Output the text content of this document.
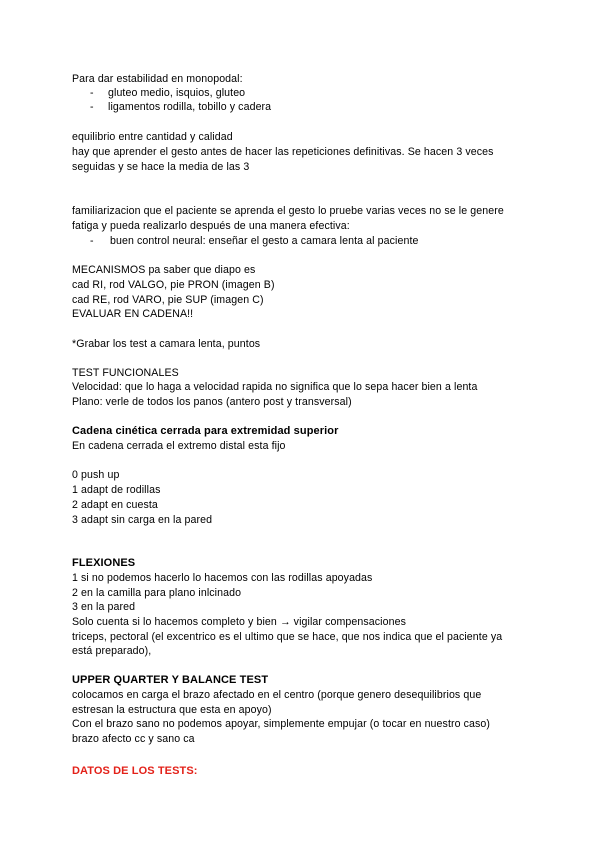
Para dar estabilidad en monopodal:
- gluteo medio, isquios, gluteo
- ligamentos rodilla, tobillo y cadera
equilibrio entre cantidad y calidad
hay que aprender el gesto antes de hacer las repeticiones definitivas. Se hacen 3 veces
seguidas y se hace la media de las 3
familiarizacion que el paciente se aprenda el gesto lo pruebe varias veces no se le genere
fatiga y pueda realizarlo después de una manera efectiva:
- buen control neural: enseñar el gesto a camara lenta al paciente
MECANISMOS pa saber que diapo es
cad RI, rod VALGO, pie PRON (imagen B)
cad RE, rod VARO, pie SUP (imagen C)
EVALUAR EN CADENA!!
*Grabar los test a camara lenta, puntos
TEST FUNCIONALES
Velocidad: que lo haga a velocidad rapida no significa que lo sepa hacer bien a lenta
Plano: verle de todos los panos (antero post y transversal)
Cadena cinética cerrada para extremidad superior
En cadena cerrada el extremo distal esta fijo
0 push up
1 adapt de rodillas
2 adapt en cuesta
3 adapt sin carga en la pared
FLEXIONES
1 si no podemos hacerlo lo hacemos con las rodillas apoyadas
2 en la camilla para plano inlcinado
3 en la pared
Solo cuenta si lo hacemos completo y bien → vigilar compensaciones
triceps, pectoral (el excentrico es el ultimo que se hace, que nos indica que el paciente ya
está preparado),
UPPER QUARTER Y BALANCE TEST
colocamos en carga el brazo afectado en el centro (porque genero desequilibrios que
estresan la estructura que esta en apoyo)
Con el brazo sano no podemos apoyar, simplemente empujar (o tocar en nuestro caso)
brazo afecto cc y sano ca
DATOS DE LOS TESTS:
